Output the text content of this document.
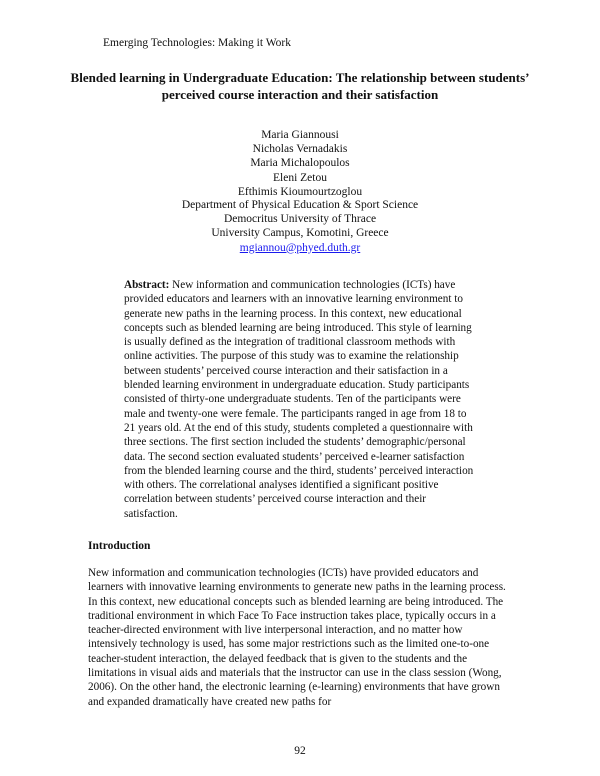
Emerging Technologies: Making it Work
Blended learning in Undergraduate Education: The relationship between students’ perceived course interaction and their satisfaction
Maria Giannousi
Nicholas Vernadakis
Maria Michalopoulos
Eleni Zetou
Efthimis Kioumourtzoglou
Department of Physical Education & Sport Science
Democritus University of Thrace
University Campus, Komotini, Greece
mgiannou@phyed.duth.gr
Abstract: New information and communication technologies (ICTs) have provided educators and learners with an innovative learning environment to generate new paths in the learning process. In this context, new educational concepts such as blended learning are being introduced. This style of learning is usually defined as the integration of traditional classroom methods with online activities. The purpose of this study was to examine the relationship between students’ perceived course interaction and their satisfaction in a blended learning environment in undergraduate education. Study participants consisted of thirty-one undergraduate students. Ten of the participants were male and twenty-one were female. The participants ranged in age from 18 to 21 years old. At the end of this study, students completed a questionnaire with three sections. The first section included the students’ demographic/personal data. The second section evaluated students’ perceived e-learner satisfaction from the blended learning course and the third, students’ perceived interaction with others. The correlational analyses identified a significant positive correlation between students’ perceived course interaction and their satisfaction.
Introduction
New information and communication technologies (ICTs) have provided educators and learners with innovative learning environments to generate new paths in the learning process. In this context, new educational concepts such as blended learning are being introduced. The traditional environment in which Face To Face instruction takes place, typically occurs in a teacher-directed environment with live interpersonal interaction, and no matter how intensively technology is used, has some major restrictions such as the limited one-to-one teacher-student interaction, the delayed feedback that is given to the students and the limitations in visual aids and materials that the instructor can use in the class session (Wong, 2006). On the other hand, the electronic learning (e-learning) environments that have grown and expanded dramatically have created new paths for
92
